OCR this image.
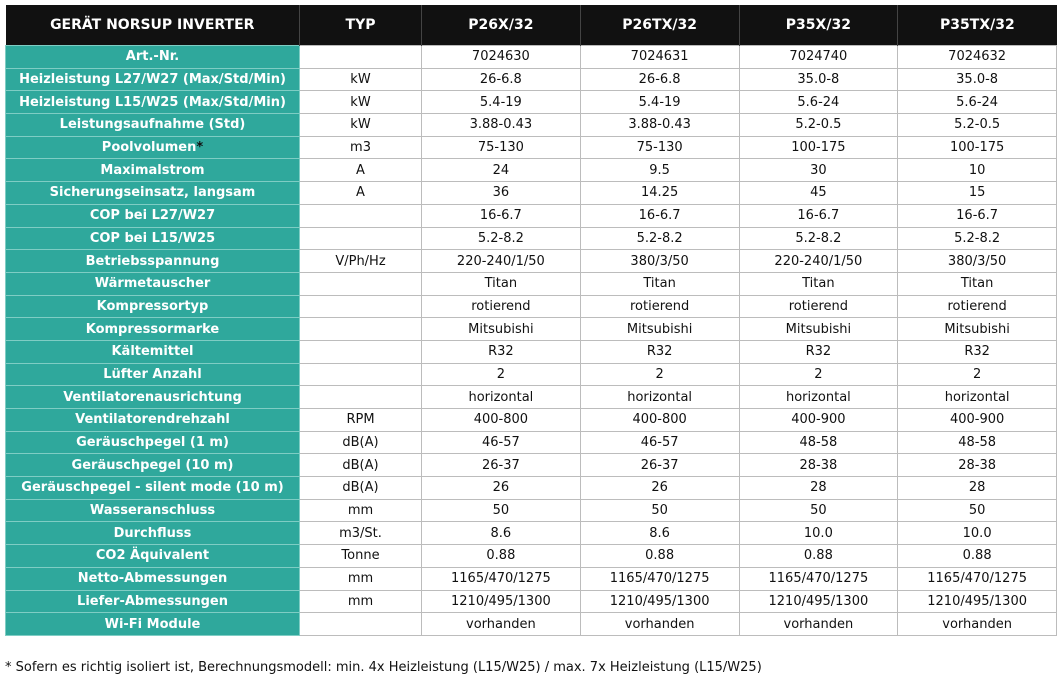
GERÄT NORSUP INVERTER	TYP	P26X/32	P26TX/32	P35X/32	P35TX/32
Art.-Nr.		7024630	7024631	7024740	7024632
Heizleistung L27/W27 (Max/Std/Min)	kW	26-6.8	26-6.8	35.0-8	35.0-8
Heizleistung L15/W25 (Max/Std/Min)	kW	5.4-19	5.4-19	5.6-24	5.6-24
Leistungsaufnahme (Std)	kW	3.88-0.43	3.88-0.43	5.2-0.5	5.2-0.5
Poolvolumen*	m3	75-130	75-130	100-175	100-175
Maximalstrom	A	24	9.5	30	10
Sicherungseinsatz, langsam	A	36	14.25	45	15
COP bei L27/W27		16-6.7	16-6.7	16-6.7	16-6.7
COP bei L15/W25		5.2-8.2	5.2-8.2	5.2-8.2	5.2-8.2
Betriebsspannung	V/Ph/Hz	220-240/1/50	380/3/50	220-240/1/50	380/3/50
Wärmetauscher		Titan	Titan	Titan	Titan
Kompressortyp		rotierend	rotierend	rotierend	rotierend
Kompressormarke		Mitsubishi	Mitsubishi	Mitsubishi	Mitsubishi
Kältemittel		R32	R32	R32	R32
Lüfter Anzahl		2	2	2	2
Ventilatorenausrichtung		horizontal	horizontal	horizontal	horizontal
Ventilatorendrehzahl	RPM	400-800	400-800	400-900	400-900
Geräuschpegel (1 m)	dB(A)	46-57	46-57	48-58	48-58
Geräuschpegel (10 m)	dB(A)	26-37	26-37	28-38	28-38
Geräuschpegel - silent mode (10 m)	dB(A)	26	26	28	28
Wasseranschluss	mm	50	50	50	50
Durchfluss	m3/St.	8.6	8.6	10.0	10.0
CO2 Äquivalent	Tonne	0.88	0.88	0.88	0.88
Netto-Abmessungen	mm	1165/470/1275	1165/470/1275	1165/470/1275	1165/470/1275
Liefer-Abmessungen	mm	1210/495/1300	1210/495/1300	1210/495/1300	1210/495/1300
Wi-Fi Module		vorhanden	vorhanden	vorhanden	vorhanden
* Sofern es richtig isoliert ist, Berechnungsmodell: min. 4x Heizleistung (L15/W25) / max. 7x Heizleistung (L15/W25)
